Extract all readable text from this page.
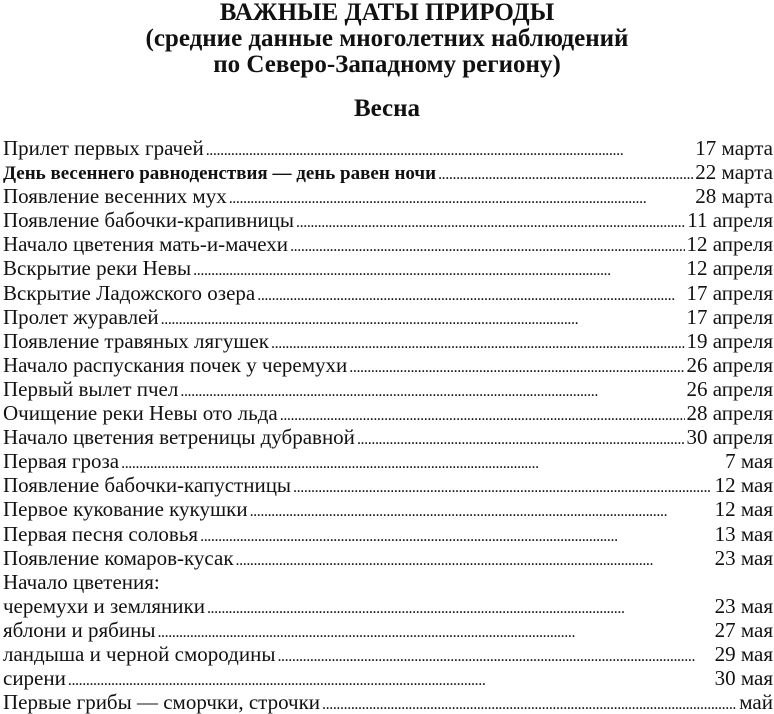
ВАЖНЫЕ ДАТЫ ПРИРОДЫ
(средние данные многолетних наблюдений
по Северо-Западному региону)
Весна
Прилет первых грачей . . .	17 марта
День весеннего равноденствия — день равен ночи . . .	22 марта
Появление весенних мух . . .	28 марта
Появление бабочки-крапивницы . . .	11 апреля
Начало цветения мать-и-мачехи . . .	12 апреля
Вскрытие реки Невы . . .	12 апреля
Вскрытие Ладожского озера . . .	17 апреля
Пролет журавлей . . .	17 апреля
Появление травяных лягушек . . .	19 апреля
Начало распускания почек у черемухи . . .	26 апреля
Первый вылет пчел . . .	26 апреля
Очищение реки Невы ото льда . . .	28 апреля
Начало цветения ветреницы дубравной . . .	30 апреля
Первая гроза . . .	7 мая
Появление бабочки-капустницы . . .	12 мая
Первое кукование кукушки . . .	12 мая
Первая песня соловья . . .	13 мая
Появление комаров-кусак . . .	23 мая
Начало цветения:
черемухи и земляники . . .	23 мая
яблони и рябины . . .	27 мая
ландыша и черной смородины . . .	29 мая
сирени . . .	30 мая
Первые грибы — сморчки, строчки . . .	май
